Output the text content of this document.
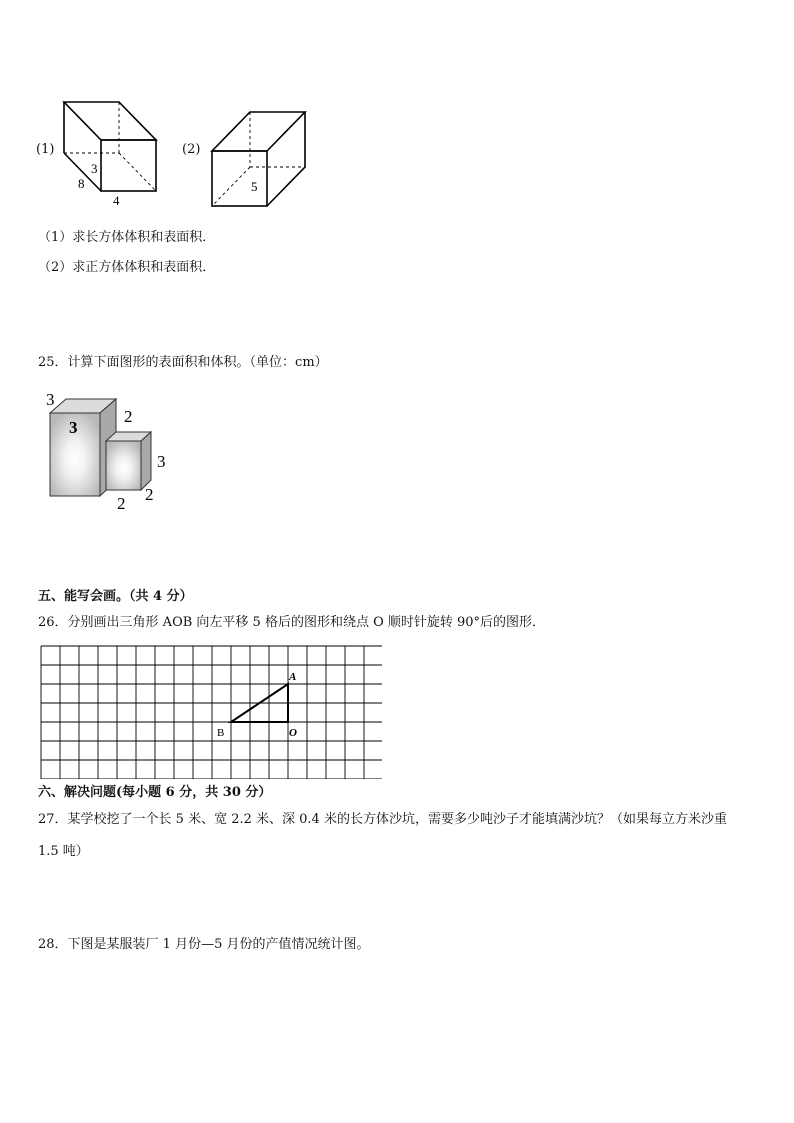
(1)
3
8
4
(2)
5
（1）求长方体体积和表面积．
（2）求正方体体积和表面积．
25．计算下面图形的表面积和体积。（单位：cm）
3
3
2
3
2 2
五、能写会画。（共 4 分）
26．分别画出三角形 AOB 向左平移 5 格后的图形和绕点 O 顺时针旋转 90°后的图形．
A
O
B
六、解决问题(每小题 6 分，共 30 分）
27．某学校挖了一个长 5 米、宽 2.2 米、深 0.4 米的长方体沙坑，需要多少吨沙子才能填满沙坑？（如果每立方米沙重
1.5 吨）
28．下图是某服装厂 1 月份—5 月份的产值情况统计图。
